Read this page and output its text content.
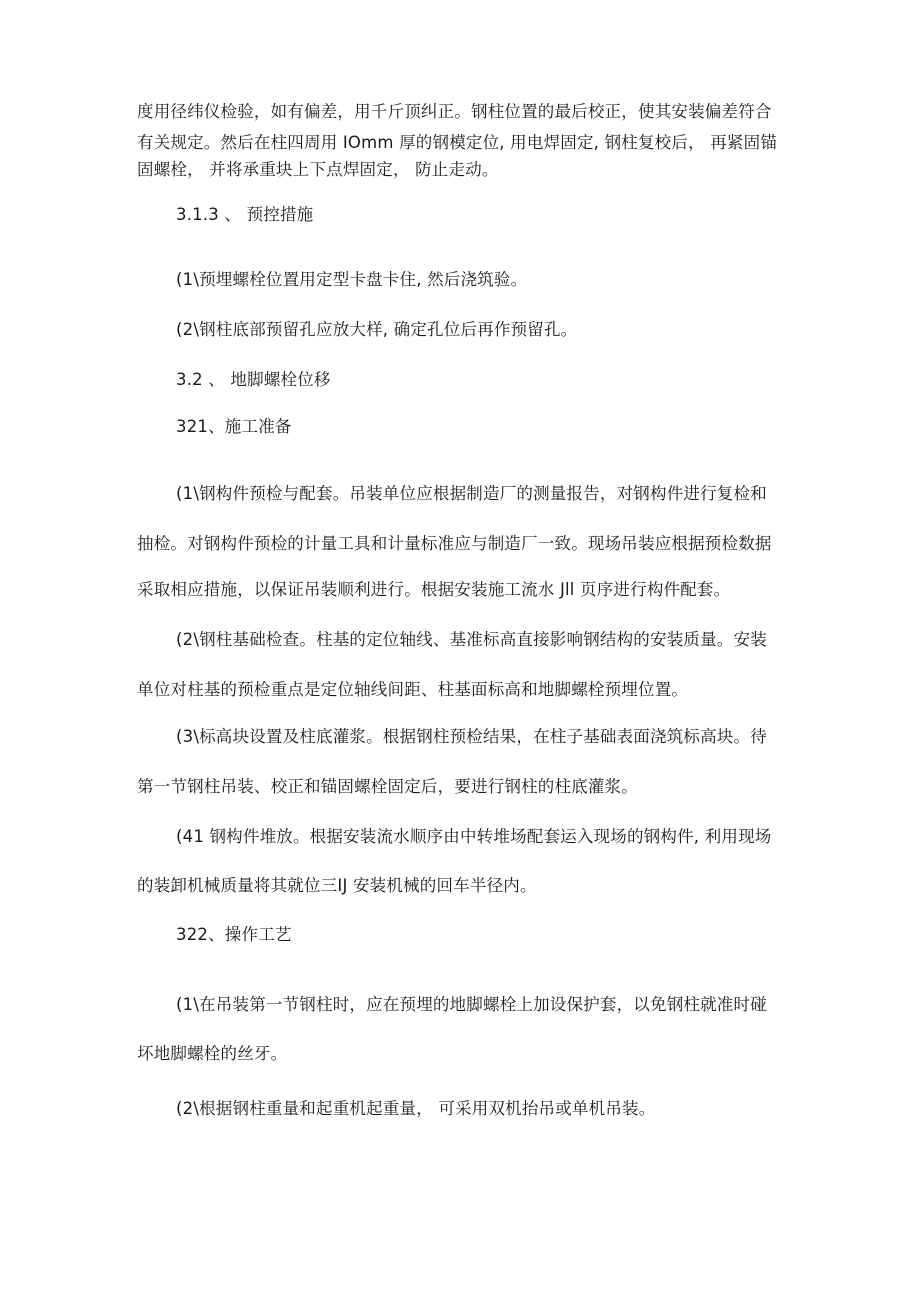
度用径纬仪检验，如有偏差，用千斤顶纠正。钢柱位置的最后校正，使其安装偏差符合
有关规定。然后在柱四周用 IOmm 厚的钢模定位, 用电焊固定, 钢柱复校后， 再紧固锚
固螺栓， 并将承重块上下点焊固定， 防止走动。
3.1.3 、 预控措施
(1\预埋螺栓位置用定型卡盘卡住, 然后浇筑验。
(2\钢柱底部预留孔应放大样, 确定孔位后再作预留孔。
3.2 、 地脚螺栓位移
321、施工准备
(1\钢构件预检与配套。吊装单位应根据制造厂的测量报告，对钢构件进行复检和
抽检。对钢构件预检的计量工具和计量标准应与制造厂一致。现场吊装应根据预检数据
采取相应措施，以保证吊装顺利进行。根据安装施工流水 Jll 页序进行构件配套。
(2\钢柱基础检查。柱基的定位轴线、基准标高直接影响钢结构的安装质量。安装
单位对柱基的预检重点是定位轴线间距、柱基面标高和地脚螺栓预埋位置。
(3\标高块设置及柱底灌浆。根据钢柱预检结果，在柱子基础表面浇筑标高块。待
第一节钢柱吊装、校正和锚固螺栓固定后，要进行钢柱的柱底灌浆。
(41 钢构件堆放。根据安装流水顺序由中转堆场配套运入现场的钢构件, 利用现场
的装卸机械质量将其就位三IJ 安装机械的回车半径内。
322、操作工艺
(1\在吊装第一节钢柱时，应在预埋的地脚螺栓上加设保护套，以免钢柱就准时碰
坏地脚螺栓的丝牙。
(2\根据钢柱重量和起重机起重量， 可采用双机抬吊或单机吊装。
